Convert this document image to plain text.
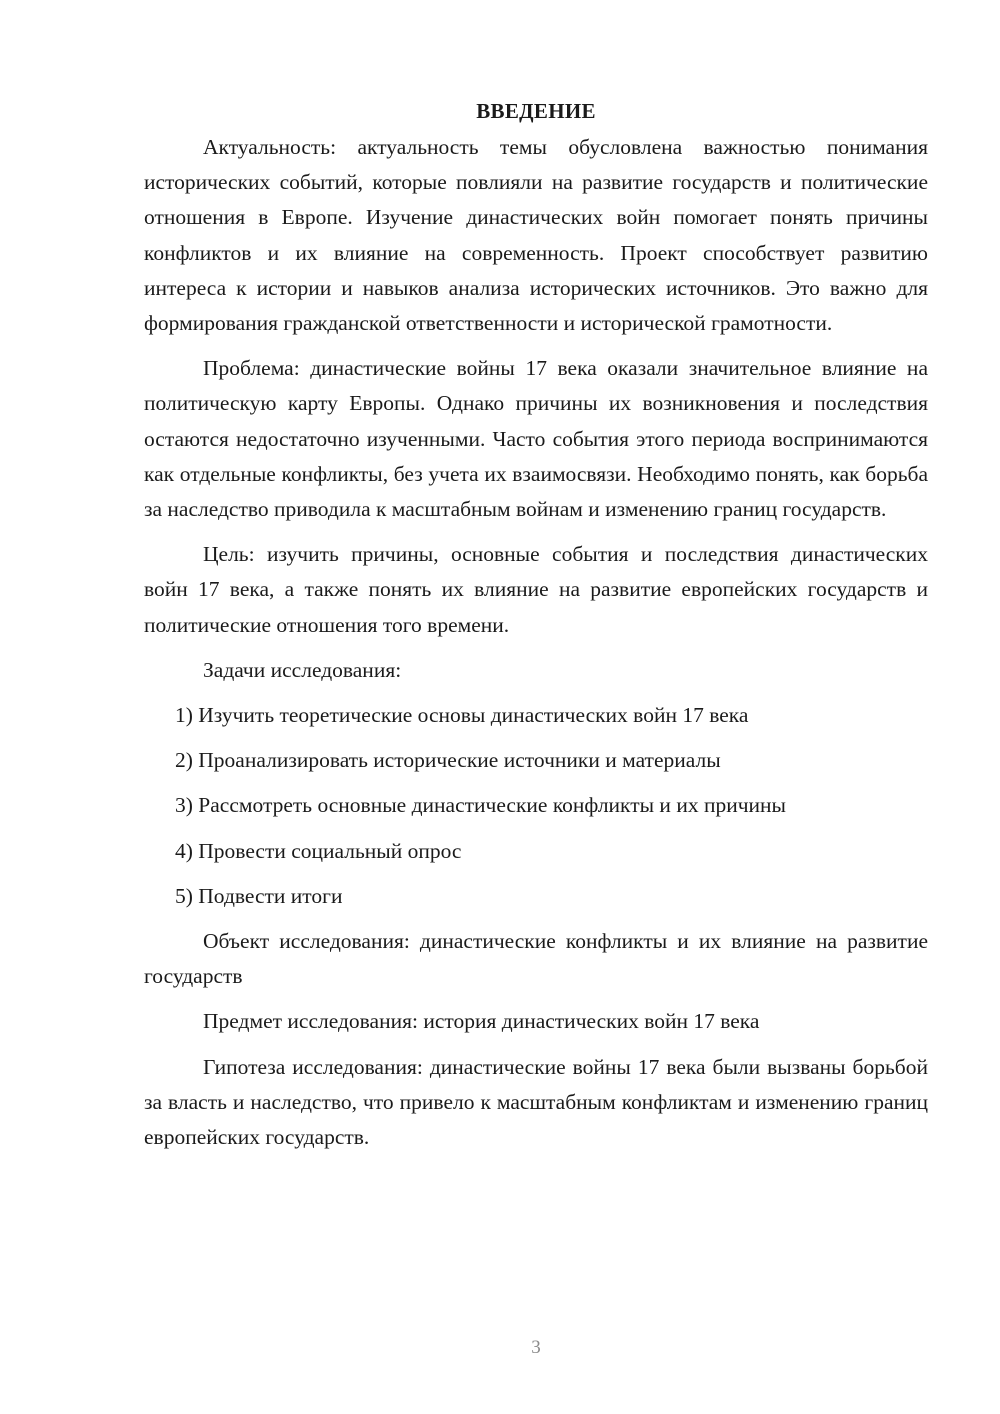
ВВЕДЕНИЕ

Актуальность: актуальность темы обусловлена важностью понимания исторических событий, которые повлияли на развитие государств и политические отношения в Европе. Изучение династических войн помогает понять причины конфликтов и их влияние на современность. Проект способствует развитию интереса к истории и навыков анализа исторических источников. Это важно для формирования гражданской ответственности и исторической грамотности.

Проблема: династические войны 17 века оказали значительное влияние на политическую карту Европы. Однако причины их возникновения и последствия остаются недостаточно изученными. Часто события этого периода воспринимаются как отдельные конфликты, без учета их взаимосвязи. Необходимо понять, как борьба за наследство приводила к масштабным войнам и изменению границ государств.

Цель: изучить причины, основные события и последствия династических войн 17 века, а также понять их влияние на развитие европейских государств и политические отношения того времени.

Задачи исследования:

1) Изучить теоретические основы династических войн 17 века

2) Проанализировать исторические источники и материалы

3) Рассмотреть основные династические конфликты и их причины

4) Провести социальный опрос

5) Подвести итоги

Объект исследования: династические конфликты и их влияние на развитие государств

Предмет исследования: история династических войн 17 века

Гипотеза исследования: династические войны 17 века были вызваны борьбой за власть и наследство, что привело к масштабным конфликтам и изменению границ европейских государств.

3
